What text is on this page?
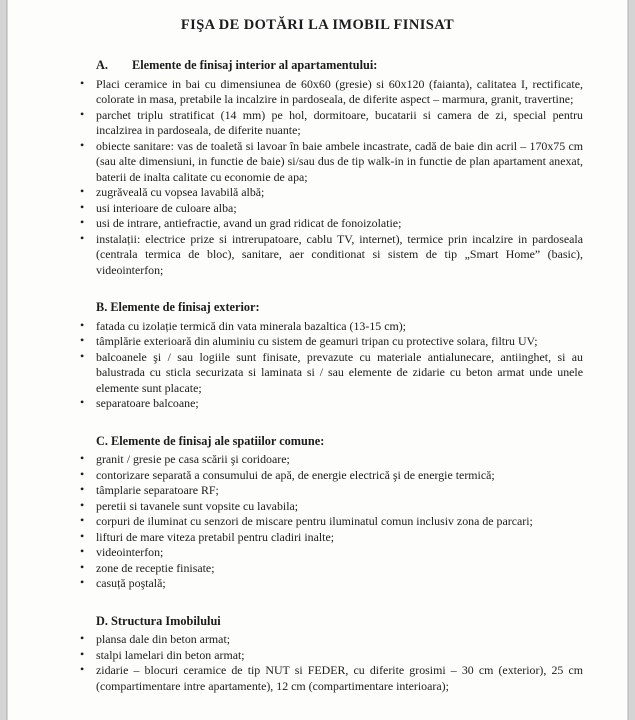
FIŞA DE DOTĂRI LA IMOBIL FINISAT

A. Elemente de finisaj interior al apartamentului:

• Placi ceramice in bai cu dimensiunea de 60x60 (gresie) si 60x120 (faianta), calitatea I, rectificate, colorate in masa, pretabile la incalzire in pardoseala, de diferite aspect – marmura, granit, travertine;
• parchet triplu stratificat (14 mm) pe hol, dormitoare, bucatarii si camera de zi, special pentru incalzirea in pardoseala, de diferite nuante;
• obiecte sanitare: vas de toaletă si lavoar în baie ambele incastrate, cadă de baie din acril – 170x75 cm (sau alte dimensiuni, in functie de baie) si/sau dus de tip walk-in in functie de plan apartament anexat, baterii de inalta calitate cu economie de apa;
• zugrăveală cu vopsea lavabilă albă;
• usi interioare de culoare alba;
• usi de intrare, antiefractie, avand un grad ridicat de fonoizolatie;
• instalații: electrice prize si intrerupatoare, cablu TV, internet), termice prin incalzire in pardoseala (centrala termica de bloc), sanitare, aer conditionat si sistem de tip „Smart Home” (basic), videointerfon;

B. Elemente de finisaj exterior:

• fatada cu izolație termică din vata minerala bazaltica (13-15 cm);
• tâmplărie exterioară din aluminiu cu sistem de geamuri tripan cu protective solara, filtru UV;
• balcoanele şi / sau logiile sunt finisate, prevazute cu materiale antialunecare, antiinghet, si au balustrada cu sticla securizata si laminata si / sau elemente de zidarie cu beton armat unde unele elemente sunt placate;
• separatoare balcoane;

C. Elemente de finisaj ale spatiilor comune:

• granit / gresie pe casa scării şi coridoare;
• contorizare separată a consumului de apă, de energie electrică şi de energie termică;
• tâmplarie separatoare RF;
• peretii si tavanele sunt vopsite cu lavabila;
• corpuri de iluminat cu senzori de miscare pentru iluminatul comun inclusiv zona de parcari;
• lifturi de mare viteza pretabil pentru cladiri inalte;
• videointerfon;
• zone de receptie finisate;
• casuță poştală;

D. Structura Imobilului

• plansa dale din beton armat;
• stalpi lamelari din beton armat;
• zidarie – blocuri ceramice de tip NUT si FEDER, cu diferite grosimi – 30 cm (exterior), 25 cm (compartimentare intre apartamente), 12 cm (compartimentare interioara);
